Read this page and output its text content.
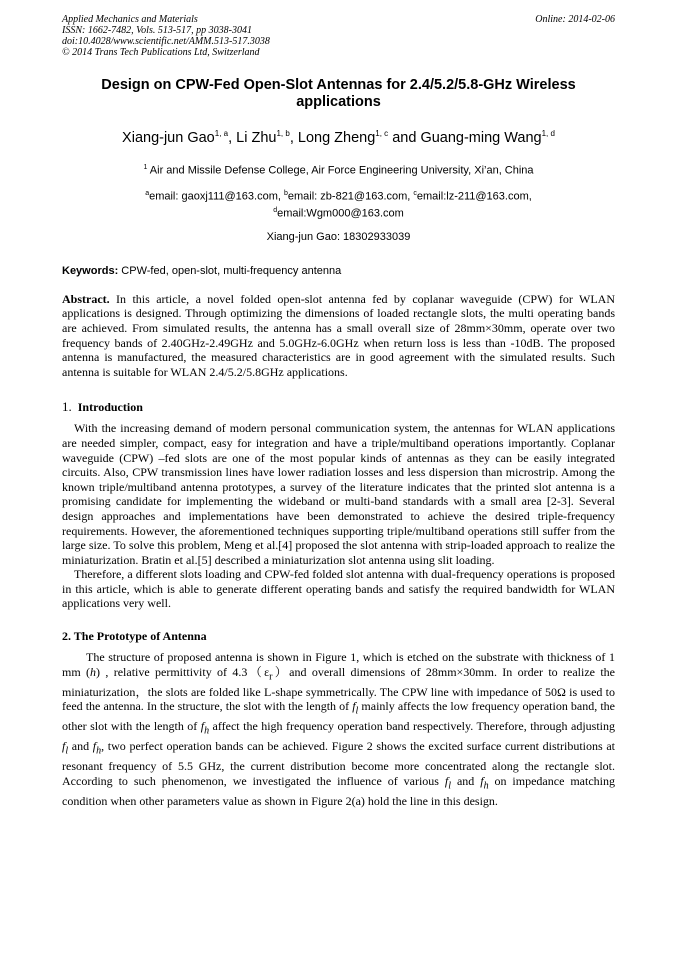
Applied Mechanics and Materials
ISSN: 1662-7482, Vols. 513-517, pp 3038-3041
doi:10.4028/www.scientific.net/AMM.513-517.3038
© 2014 Trans Tech Publications Ltd, Switzerland
Online: 2014-02-06
Design on CPW-Fed Open-Slot Antennas for 2.4/5.2/5.8-GHz Wireless applications
Xiang-jun Gao$^{1, a}$, Li Zhu$^{1, b}$, Long Zheng$^{1, c}$ and Guang-ming Wang$^{1, d}$
$^1$ Air and Missile Defense College, Air Force Engineering University, Xi’an, China
$^a$email: gaoxj111@163.com, $^b$email: zb-821@163.com, $^c$email:lz-211@163.com,
$^d$email:Wgm000@163.com
Xiang-jun Gao: 18302933039
Keywords: CPW-fed, open-slot, multi-frequency antenna
Abstract. In this article, a novel folded open-slot antenna fed by coplanar waveguide (CPW) for WLAN applications is designed. Through optimizing the dimensions of loaded rectangle slots, the multi operating bands are achieved. From simulated results, the antenna has a small overall size of 28mm×30mm, operate over two frequency bands of 2.40GHz-2.49GHz and 5.0GHz-6.0GHz when return loss is less than -10dB. The proposed antenna is manufactured, the measured characteristics are in good agreement with the simulated results. Such antenna is suitable for WLAN 2.4/5.2/5.8GHz applications.
1. Introduction
With the increasing demand of modern personal communication system, the antennas for WLAN applications are needed simpler, compact, easy for integration and have a triple/multiband operations importantly. Coplanar waveguide (CPW) –fed slots are one of the most popular kinds of antennas as they can be easily integrated circuits. Also, CPW transmission lines have lower radiation losses and less dispersion than microstrip. Among the known triple/multiband antenna prototypes, a survey of the literature indicates that the printed slot antenna is a promising candidate for implementing the wideband or multi-band standards with a small area [2-3]. Several design approaches and implementations have been demonstrated to achieve the desired triple-frequency requirements. However, the aforementioned techniques supporting triple/multiband operations still suffer from the large size. To solve this problem, Meng et al.[4] proposed the slot antenna with strip-loaded approach to realize the miniaturization. Bratin et al.[5] described a miniaturization slot antenna using slit loading.
Therefore, a different slots loading and CPW-fed folded slot antenna with dual-frequency operations is proposed in this article, which is able to generate different operating bands and satisfy the required bandwidth for WLAN applications very well.
2. The Prototype of Antenna
The structure of proposed antenna is shown in Figure 1, which is etched on the substrate with thickness of 1 mm (h) , relative permittivity of $4.3(\varepsilon_r)and$ overall dimensions of 28mm×30mm. In order to realize the miniaturization，the slots are folded like L-shape symmetrically. The CPW line with impedance of 50Ω is used to feed the antenna. In the structure, the slot with the length of $f_l$ mainly affects the low frequency operation band, the other slot with the length of $f_h$ affect the high frequency operation band respectively. Therefore, through adjusting $f_l$ and $f_h$, two perfect operation bands can be achieved. Figure 2 shows the excited surface current distributions at resonant frequency of 5.5 GHz, the current distribution become more concentrated along the rectangle slot. According to such phenomenon, we investigated the influence of various $f_l$ and $f_h$ on impedance matching condition when other parameters value as shown in Figure 2(a) hold the line in this design.
